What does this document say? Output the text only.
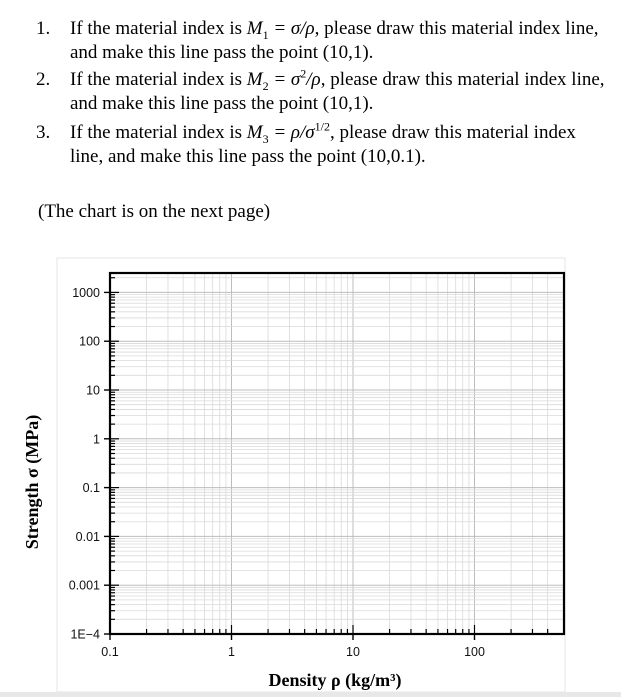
1. If the material index is $M_1 = \sigma/\rho$, please draw this material index line, and make this line pass the point (10,1).
2. If the material index is $M_2 = \sigma^2/\rho$, please draw this material index line, and make this line pass the point (10,1).
3. If the material index is $M_3 = \rho/\sigma^{1/2}$, please draw this material index line, and make this line pass the point (10,0.1).
(The chart is on the next page)
0.1	1	10	100
1E−4
0.001
0.01
0.1
1
10
100
1000
Density ρ (kg/m³)
Strength σ (MPa)
